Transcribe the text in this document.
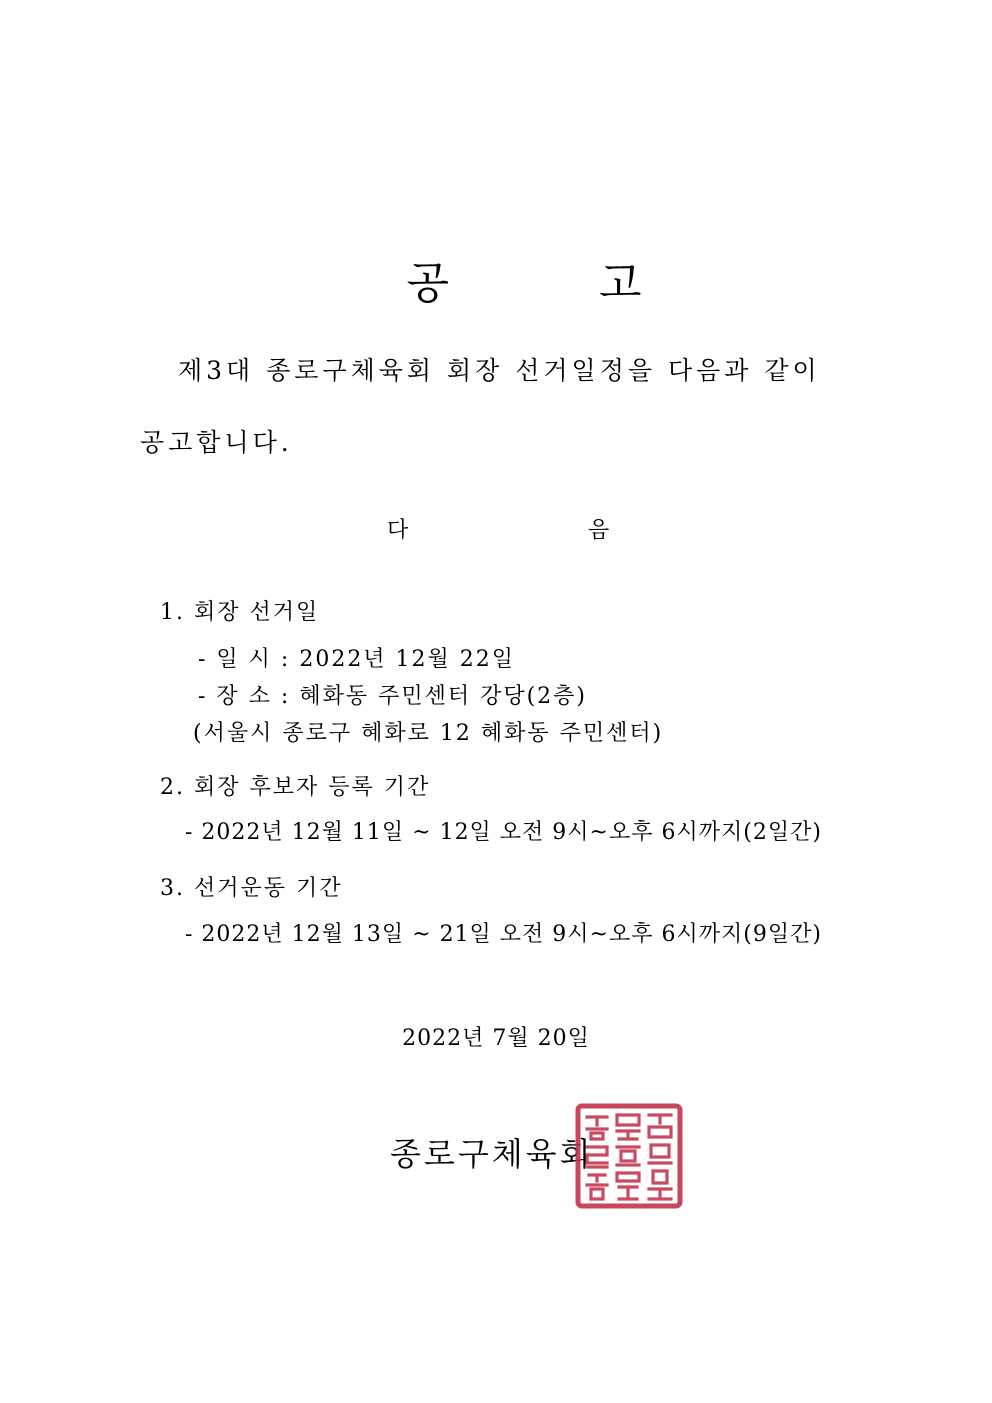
공	고

제3대 종로구체육회 회장 선거일정을 다음과 같이
공고합니다.
다	음
1. 회장 선거일
- 일 시 : 2022년 12월 22일
- 장 소 : 혜화동 주민센터 강당(2층)
(서울시 종로구 혜화로 12 혜화동 주민센터)
2. 회장 후보자 등록 기간
- 2022년 12월 11일 ~ 12일 오전 9시~오후 6시까지(2일간)
3. 선거운동 기간
- 2022년 12월 13일 ~ 21일 오전 9시~오후 6시까지(9일간)
2022년 7월 20일
종로구체육회
